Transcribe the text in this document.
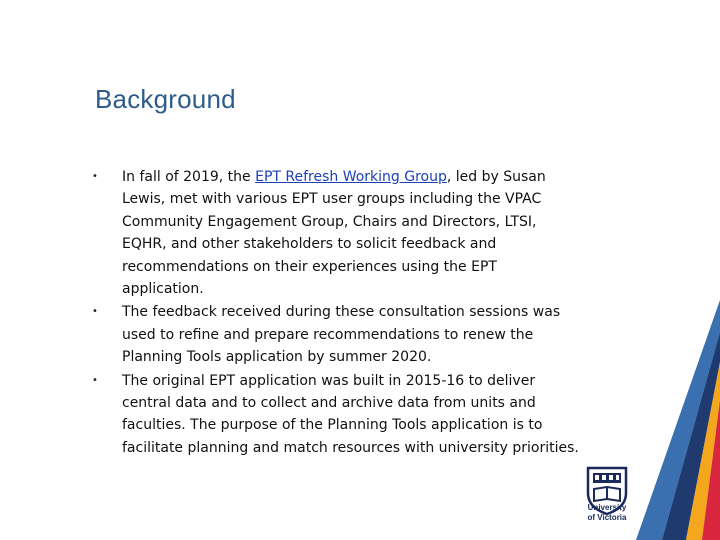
Background
• In fall of 2019, the EPT Refresh Working Group, led by Susan Lewis, met with various EPT user groups including the VPAC Community Engagement Group, Chairs and Directors, LTSI, EQHR, and other stakeholders to solicit feedback and recommendations on their experiences using the EPT application.
• The feedback received during these consultation sessions was used to refine and prepare recommendations to renew the Planning Tools application by summer 2020.
• The original EPT application was built in 2015-16 to deliver central data and to collect and archive data from units and faculties. The purpose of the Planning Tools application is to facilitate planning and match resources with university priorities.
University
of Victoria
